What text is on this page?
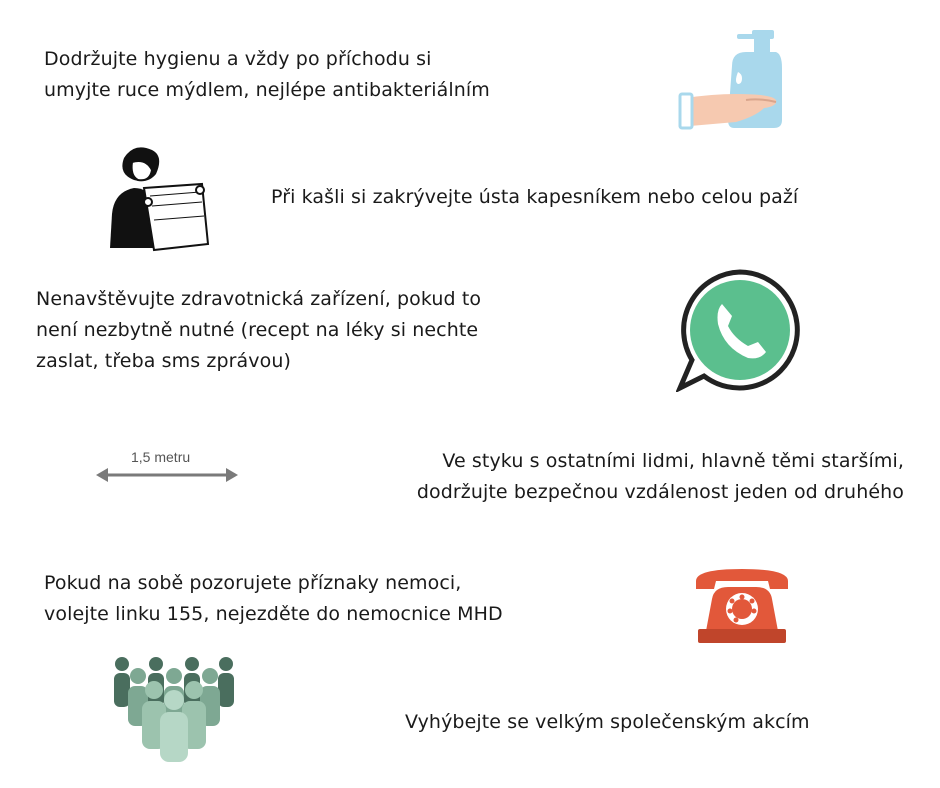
Dodržujte hygienu a vždy po příchodu si
umyjte ruce mýdlem, nejlépe antibakteriálním
Při kašli si zakrývejte ústa kapesníkem nebo celou paží
Nenavštěvujte zdravotnická zařízení, pokud to
není nezbytně nutné (recept na léky si nechte
zaslat, třeba sms zprávou)
1,5 metru	Ve styku s ostatními lidmi, hlavně těmi staršími,
dodržujte bezpečnou vzdálenost jeden od druhého
Pokud na sobě pozorujete příznaky nemoci,
volejte linku 155, nejezděte do nemocnice MHD
Vyhýbejte se velkým společenským akcím
